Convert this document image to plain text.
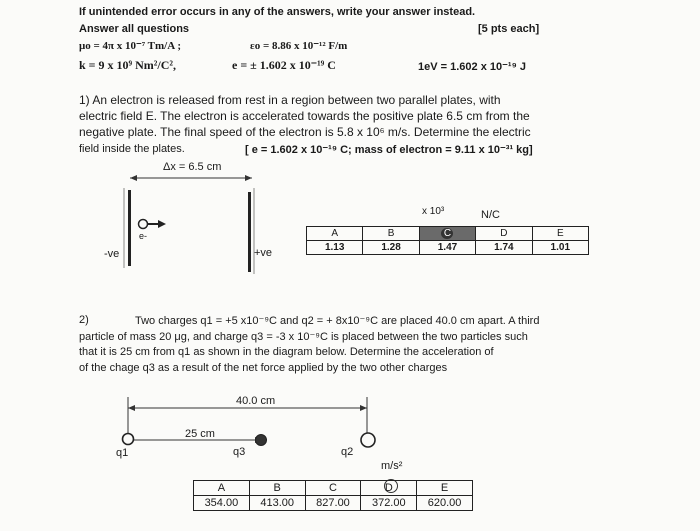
If unintended error occurs in any of the answers, write your answer instead.
Answer all questions	[5 pts each]
μo = 4π x 10⁻⁷ Tm/A ;	εo = 8.86 x 10⁻¹² F/m
k = 9 x 10⁹ Nm²/C²,	e = ± 1.602 x 10⁻¹⁹ C	1eV = 1.602 x 10⁻¹⁹ J
1) An electron is released from rest in a region between two parallel plates, with
electric field E. The electron is accelerated towards the positive plate 6.5 cm from the
negative plate. The final speed of the electron is 5.8 x 10⁶ m/s. Determine the electric
field inside the plates.	[ e = 1.602 x 10⁻¹⁹ C; mass of electron = 9.11 x 10⁻³¹ kg]
Δx = 6.5 cm
-ve	+ve
e-
x 10³	N/C
A	B	C	D	E
1.13	1.28	1.47	1.74	1.01
2)	Two charges q1 = +5 x10⁻⁹C and q2 = + 8x10⁻⁹C are placed 40.0 cm apart. A third
particle of mass 20 μg, and charge q3 = -3 x 10⁻⁹C is placed between the two particles such
that it is 25 cm from q1 as shown in the diagram below. Determine the acceleration of
of the chage q3 as a result of the net force applied by the two other charges
40.0 cm
25 cm
q1	q3	q2
m/s²
A	B	C	D	E
354.00	413.00	827.00	372.00	620.00
